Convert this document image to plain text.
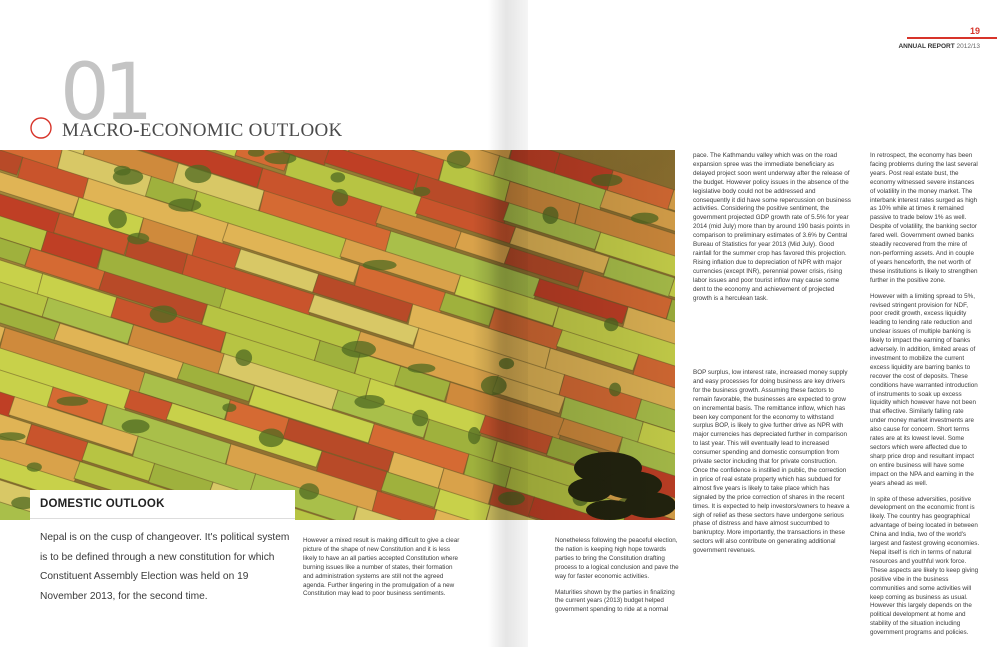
01
MACRO-ECONOMIC OUTLOOK
19
ANNUAL REPORT 2012/13
DOMESTIC OUTLOOK
Nepal is on the cusp of changeover. It's political system is to be defined through a new constitution for which Constituent Assembly Election was held on 19 November 2013, for the second time.

However a mixed result is making difficult to give a clear picture of the shape of new Constitution and it is less likely to have an all parties accepted Constitution where burning issues like a number of states, their formation and administration systems are still not the agreed agenda. Further lingering in the promulgation of a new Constitution may lead to poor business sentiments.

Nonetheless following the peaceful election, the nation is keeping high hope towards parties to bring the Constitution drafting process to a logical conclusion and pave the way for faster economic activities.

Maturities shown by the parties in finalizing the current years (2013) budget helped government spending to ride at a normal

pace. The Kathmandu valley which was on the road expansion spree was the immediate beneficiary as delayed project soon went underway after the release of the budget. However policy issues in the absence of the legislative body could not be addressed and consequently it did have some repercussion on business activities. Considering the positive sentiment, the government projected GDP growth rate of 5.5% for year 2014 (mid July) more than by around 190 basis points in comparison to preliminary estimates of 3.6% by Central Bureau of Statistics for year 2013 (Mid July). Good rainfall for the summer crop has favored this projection. Rising inflation due to depreciation of NPR with major currencies (except INR), perennial power crisis, rising labor issues and poor tourist inflow may cause some dent to the economy and achievement of projected growth is a herculean task.

BOP surplus, low interest rate, increased money supply and easy processes for doing business are key drivers for the business growth. Assuming these factors to remain favorable, the businesses are expected to grow on incremental basis. The remittance inflow, which has been key component for the economy to withstand surplus BOP, is likely to give further drive as NPR with major currencies has depreciated further in comparison to last year. This will eventually lead to increased consumer spending and domestic consumption from private sector including that for private construction. Once the confidence is instilled in public, the correction in price of real estate property which has subdued for almost five years is likely to take place which has signaled by the price correction of shares in the recent times. It is expected to help investors/owners to heave a sigh of relief as these sectors have undergone serious phase of distress and have almost succumbed to bankruptcy. More importantly, the transactions in these sectors will also contribute on generating additional government revenues.

In retrospect, the economy has been facing problems during the last several years. Post real estate bust, the economy witnessed severe instances of volatility in the money market. The interbank interest rates surged as high as 10% while at times it remained passive to trade below 1% as well. Despite of volatility, the banking sector fared well. Government owned banks steadily recovered from the mire of non-performing assets. And in couple of years henceforth, the net worth of these institutions is likely to strengthen further in the positive zone.

However with a limiting spread to 5%, revised stringent provision for NDF, poor credit growth, excess liquidity leading to lending rate reduction and unclear issues of multiple banking is likely to impact the earning of banks adversely. In addition, limited areas of investment to mobilize the current excess liquidity are barring banks to recover the cost of deposits. These conditions have warranted introduction of instruments to soak up excess liquidity which however have not been that effective. Similarly falling rate under money market investments are also cause for concern. Short terms rates are at its lowest level. Some sectors which were affected due to sharp price drop and resultant impact on entire business will have some impact on the NPA and earning in the years ahead as well.

In spite of these adversities, positive development on the economic front is likely. The country has geographical advantage of being located in between China and India, two of the world's largest and fastest growing economies. Nepal itself is rich in terms of natural resources and youthful work force. These aspects are likely to keep giving positive vibe in the business communities and some activities will keep coming as business as usual. However this largely depends on the political development at home and stability of the situation including government programs and policies.
